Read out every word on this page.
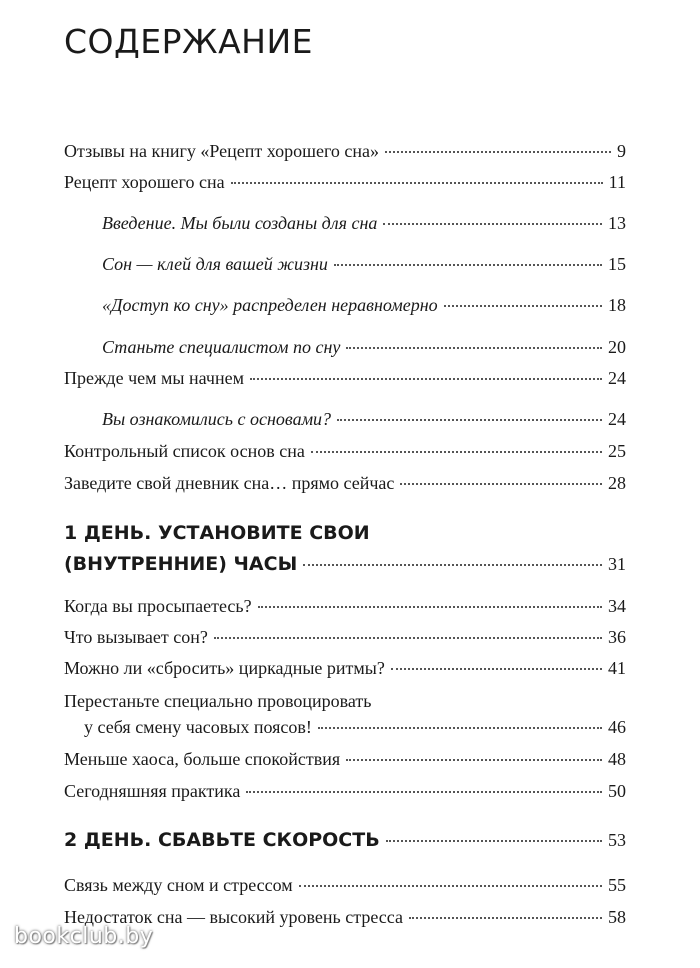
СОДЕРЖАНИЕ
Отзывы на книгу «Рецепт хорошего сна»	9
Рецепт хорошего сна	11
Введение. Мы были созданы для сна	13
Сон — клей для вашей жизни	15
«Доступ ко сну» распределен неравномерно	18
Станьте специалистом по сну	20
Прежде чем мы начнем	24
Вы ознакомились с основами?	24
Контрольный список основ сна	25
Заведите свой дневник сна… прямо сейчас	28
1 ДЕНЬ. УСТАНОВИТЕ СВОИ
(ВНУТРЕННИЕ) ЧАСЫ	31
Когда вы просыпаетесь?	34
Что вызывает сон?	36
Можно ли «сбросить» циркадные ритмы?	41
Перестаньте специально провоцировать
у себя смену часовых поясов!	46
Меньше хаоса, больше спокойствия	48
Сегодняшняя практика	50
2 ДЕНЬ. СБАВЬТЕ СКОРОСТЬ	53
Связь между сном и стрессом	55
Недостаток сна — высокий уровень стресса	58
bookclub.by
